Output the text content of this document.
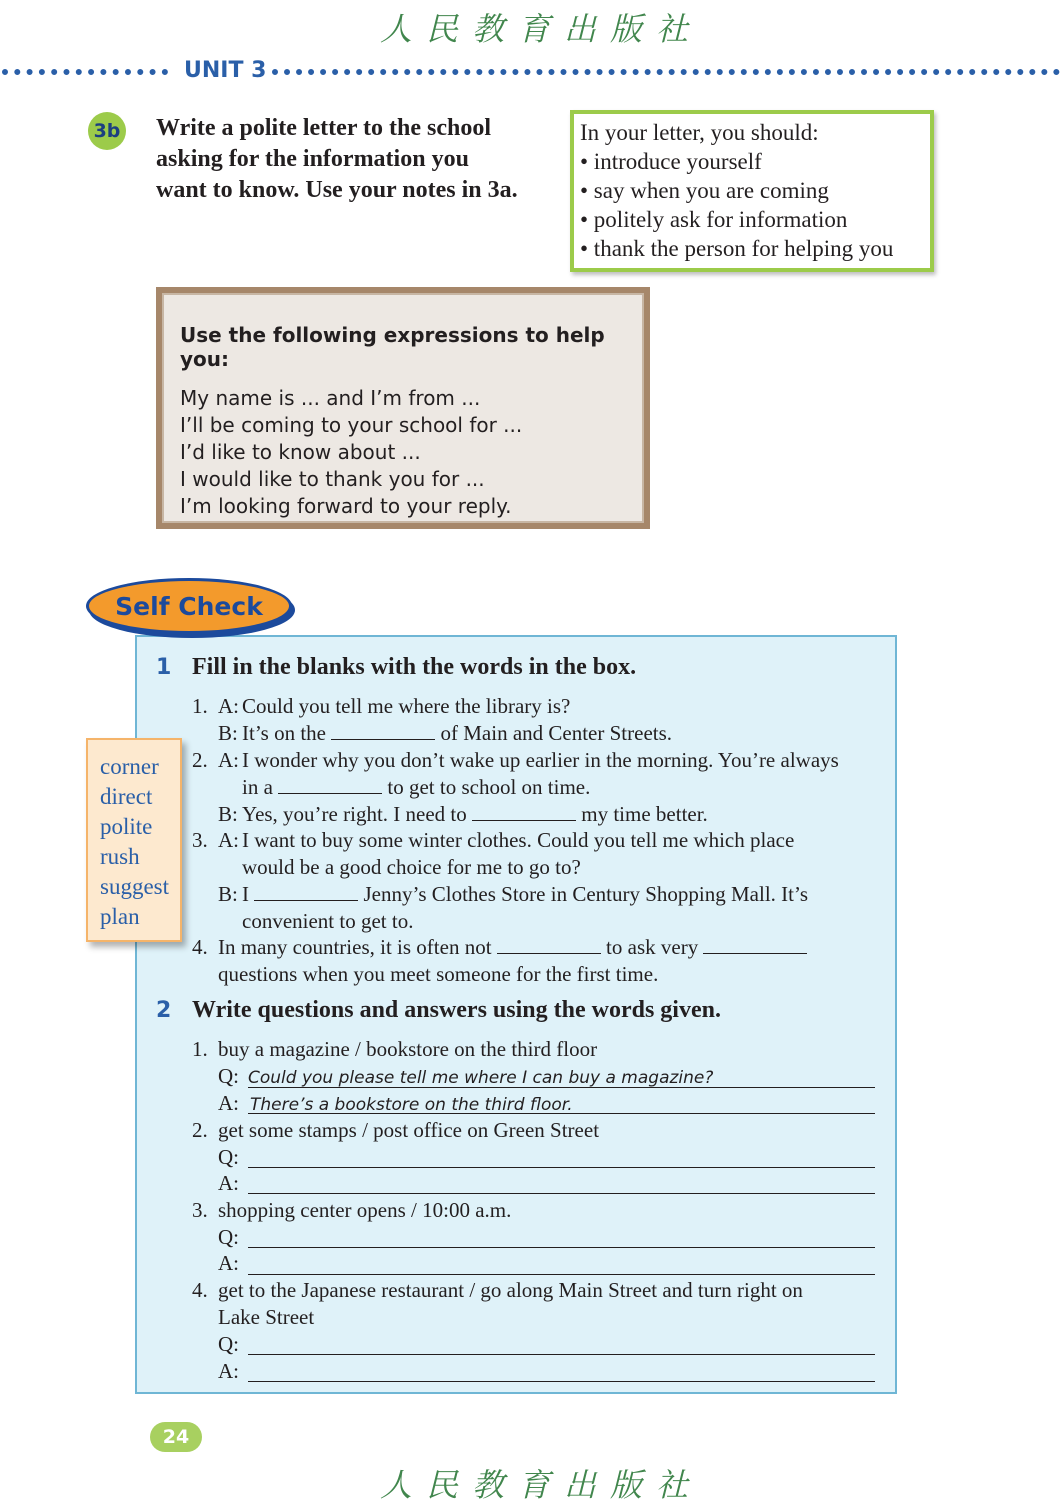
人民教育出版社
UNIT 3
3b Write a polite letter to the school
asking for the information you
want to know. Use your notes in 3a.
In your letter, you should:
• introduce yourself
• say when you are coming
• politely ask for information
• thank the person for helping you
Use the following expressions to help you:
My name is ... and I’m from ...
I’ll be coming to your school for ...
I’d like to know about ...
I would like to thank you for ...
I’m looking forward to your reply.
Self Check
1 Fill in the blanks with the words in the box.
corner
direct
polite
rush
suggest
plan
1. A: Could you tell me where the library is?
B: It’s on the	of Main and Center Streets.
2. A: I wonder why you don’t wake up earlier in the morning. You’re always
in a	to get to school on time.
B: Yes, you’re right. I need to	my time better.
3. A: I want to buy some winter clothes. Could you tell me which place
would be a good choice for me to go to?
B: I	Jenny’s Clothes Store in Century Shopping Mall. It’s
convenient to get to.
4. In many countries, it is often not	to ask very
questions when you meet someone for the first time.
2 Write questions and answers using the words given.
1. buy a magazine / bookstore on the third floor
Q: Could you please tell me where I can buy a magazine?
A: There’s a bookstore on the third floor.
2. get some stamps / post office on Green Street
Q:
A:
3. shopping center opens / 10:00 a.m.
Q:
A:
4. get to the Japanese restaurant / go along Main Street and turn right on
Lake Street
Q:
A:
24
人民教育出版社
